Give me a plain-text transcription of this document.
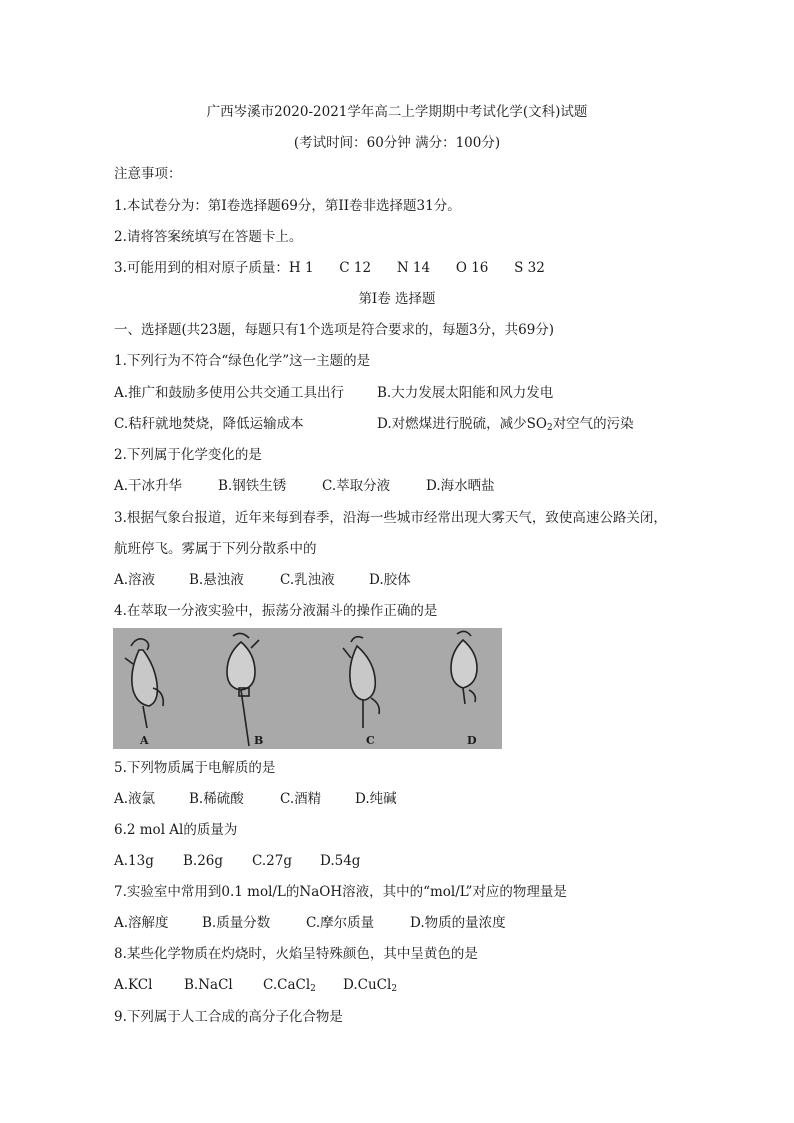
广西岑溪市2020-2021学年高二上学期期中考试化学(文科)试题
(考试时间：60分钟 满分：100分)
注意事项：
1.本试卷分为：第I卷选择题69分，第II卷非选择题31分。
2.请将答案统填写在答题卡上。
3.可能用到的相对原子质量：H 1      C 12      N 14      O 16      S 32
第I卷 选择题
一、选择题(共23题，每题只有1个选项是符合要求的，每题3分，共69分)
1.下列行为不符合“绿色化学”这一主题的是
A.推广和鼓励多使用公共交通工具出行 B.大力发展太阳能和风力发电
C.秸秆就地焚烧，降低运输成本	D.对燃煤进行脱硫，减少$SO_2$对空气的污染
2.下列属于化学变化的是
A.干冰升华	B.钢铁生锈	C.萃取分液	D.海水晒盐
3.根据气象台报道，近年来每到春季，沿海一些城市经常出现大雾天气，致使高速公路关闭，
航班停飞。雾属于下列分散系中的
A.溶液	B.悬浊液	C.乳浊液	D.胶体
4.在萃取一分液实验中，振荡分液漏斗的操作正确的是
A	B	C	D
5.下列物质属于电解质的是
A.液氯	B.稀硫酸	C.酒精	D.纯碱
6.2 mol Al的质量为
A.13g B.26g C.27g D.54g
7.实验室中常用到0.1 mol/L的NaOH溶液，其中的“mol/L”对应的物理量是
A.溶解度 B.质量分数	C.摩尔质量	D.物质的量浓度
8.某些化学物质在灼烧时，火焰呈特殊颜色，其中呈黄色的是
A.KCl B.NaCl C.CaCl$_2$ D.CuCl$_2$
9.下列属于人工合成的高分子化合物是
